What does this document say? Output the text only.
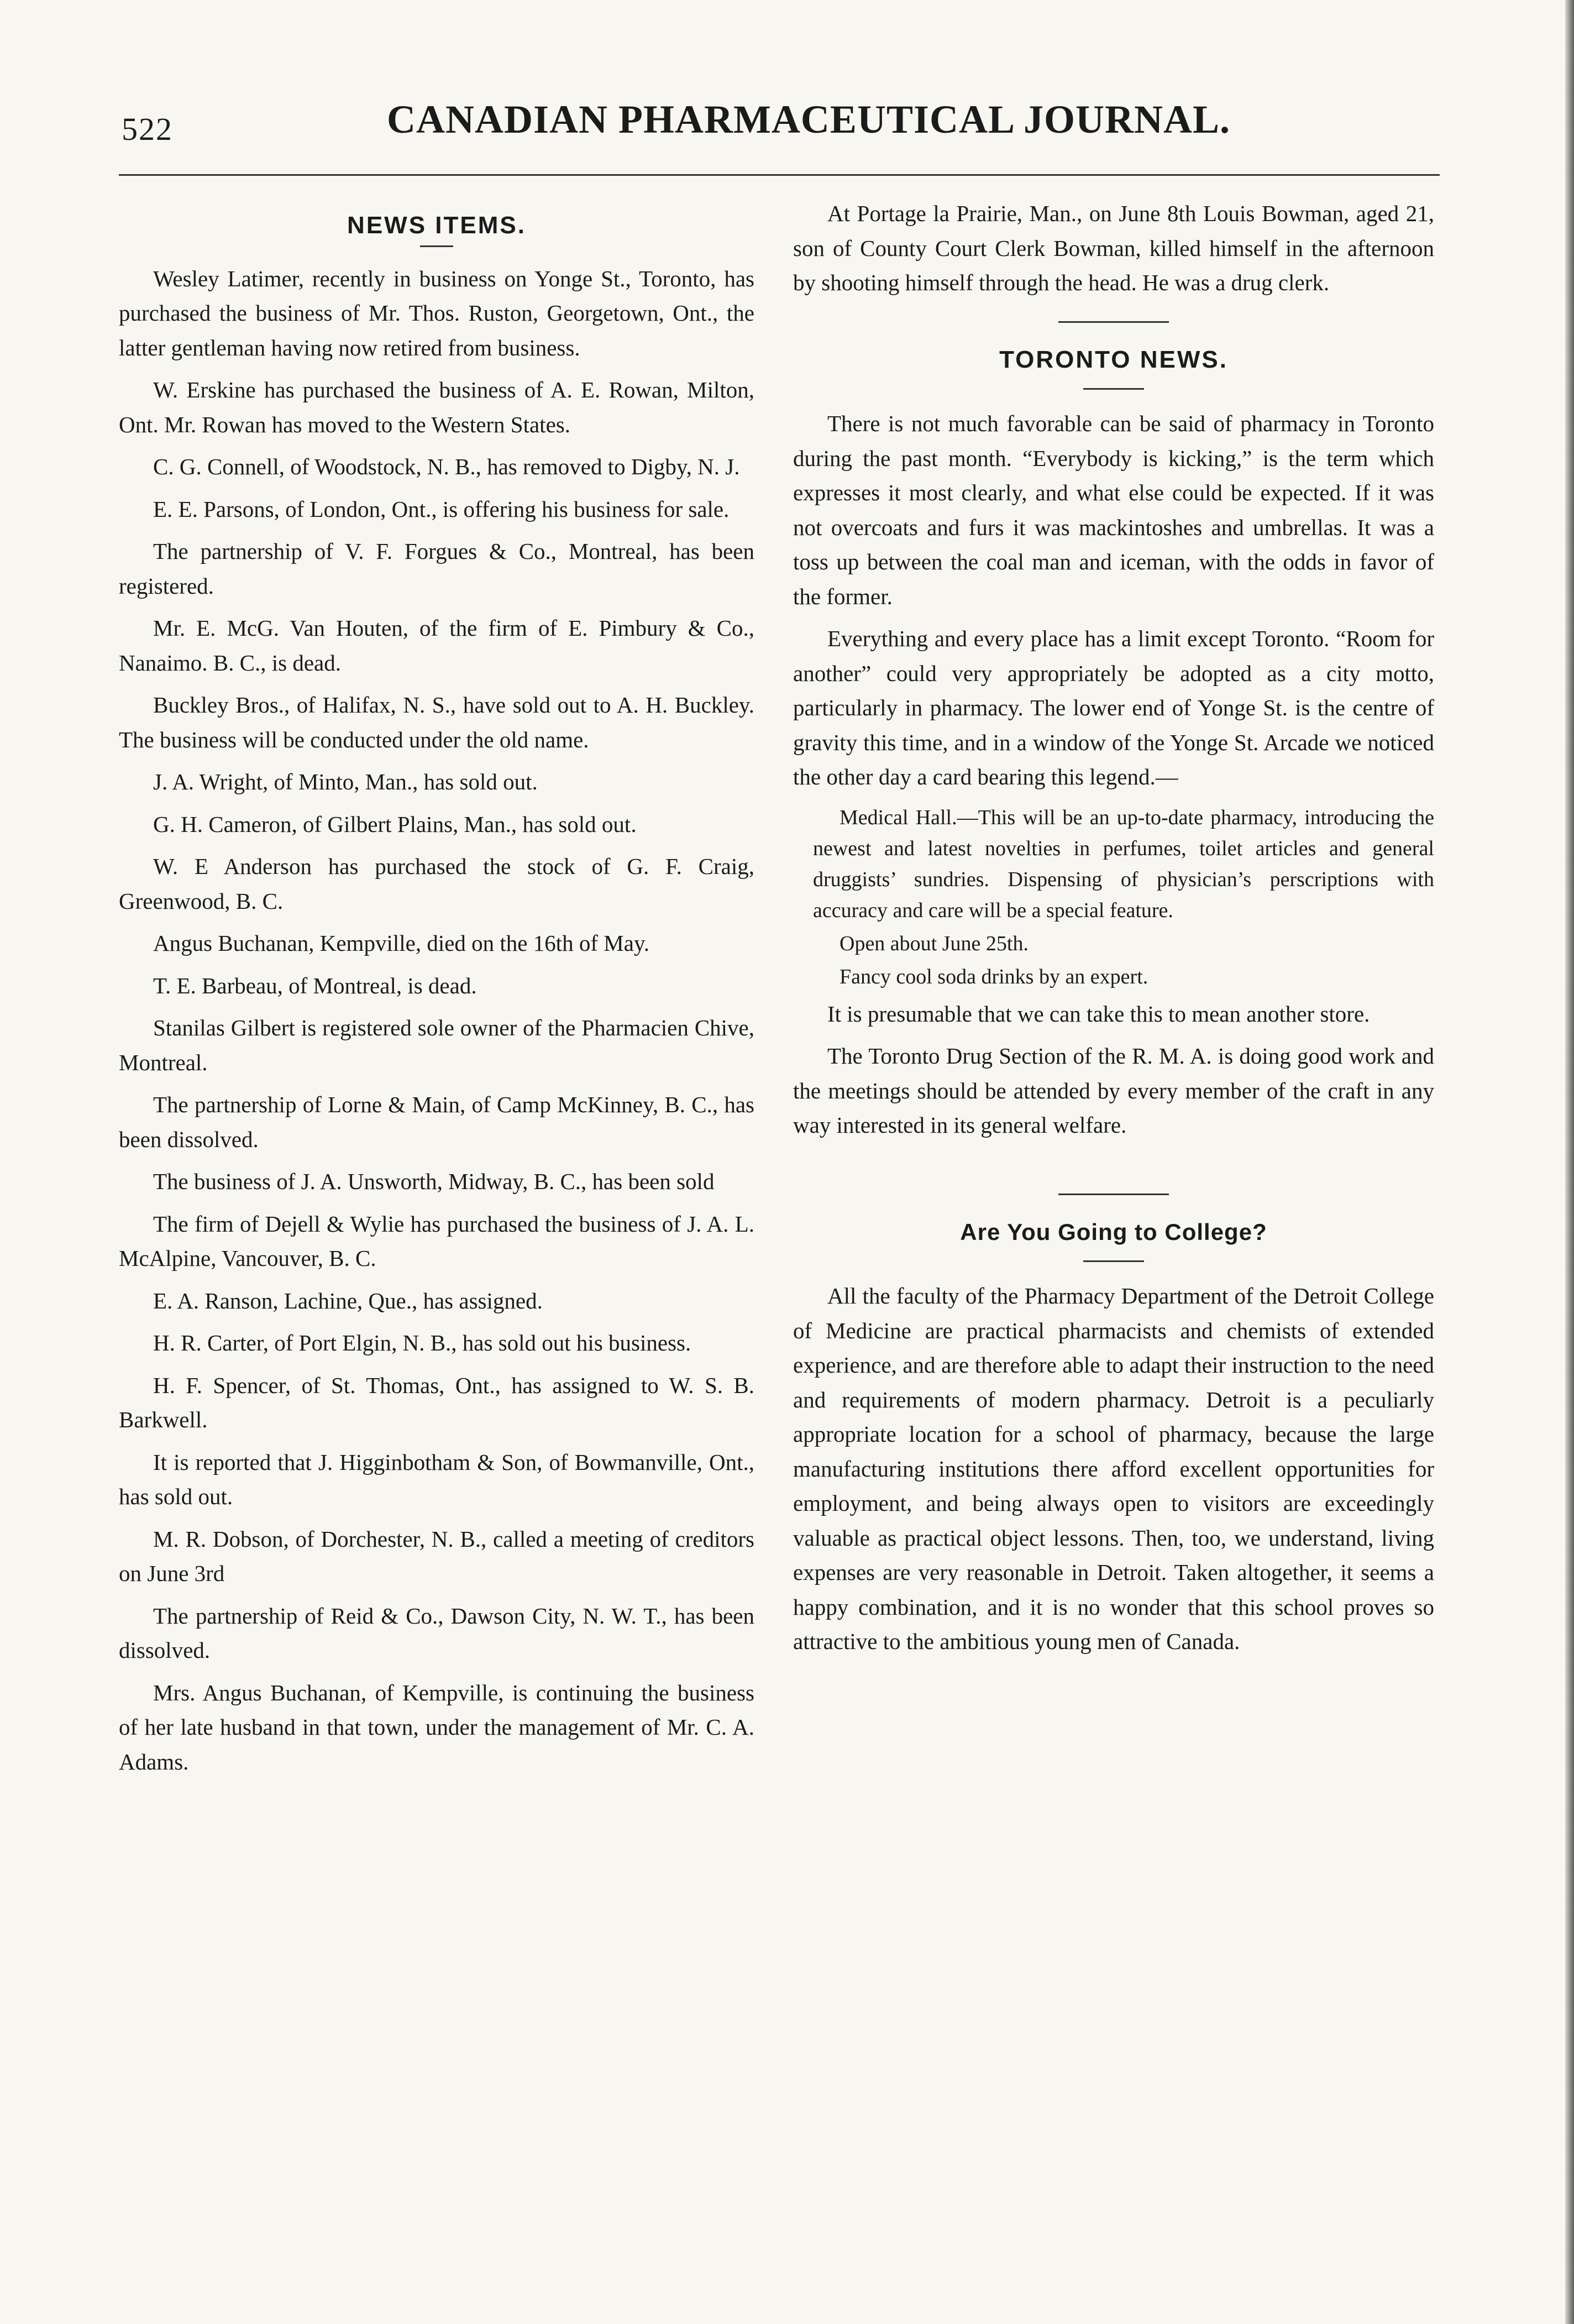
522	CANADIAN PHARMACEUTICAL JOURNAL.
NEWS ITEMS.

Wesley Latimer, recently in business on Yonge St., Toronto, has purchased the business of Mr. Thos. Ruston, Georgetown, Ont., the latter gentleman having now retired from business.

W. Erskine has purchased the business of A. E. Rowan, Milton, Ont. Mr. Rowan has moved to the Western States.

C. G. Connell, of Woodstock, N. B., has removed to Digby, N. J.

E. E. Parsons, of London, Ont., is offering his business for sale.

The partnership of V. F. Forgues & Co., Montreal, has been registered.

Mr. E. McG. Van Houten, of the firm of E. Pimbury & Co., Nanaimo. B. C., is dead.

Buckley Bros., of Halifax, N. S., have sold out to A. H. Buckley. The business will be conducted under the old name.

J. A. Wright, of Minto, Man., has sold out.

G. H. Cameron, of Gilbert Plains, Man., has sold out.

W. E Anderson has purchased the stock of G. F. Craig, Greenwood, B. C.

Angus Buchanan, Kempville, died on the 16th of May.

T. E. Barbeau, of Montreal, is dead.

Stanilas Gilbert is registered sole owner of the Pharmacien Chive, Montreal.

The partnership of Lorne & Main, of Camp McKinney, B. C., has been dissolved.

The business of J. A. Unsworth, Midway, B. C., has been sold

The firm of Dejell & Wylie has purchased the business of J. A. L. McAlpine, Vancouver, B. C.

E. A. Ranson, Lachine, Que., has assigned.

H. R. Carter, of Port Elgin, N. B., has sold out his business.

H. F. Spencer, of St. Thomas, Ont., has assigned to W. S. B. Barkwell.

It is reported that J. Higginbotham & Son, of Bowmanville, Ont., has sold out.

M. R. Dobson, of Dorchester, N. B., called a meeting of creditors on June 3rd

The partnership of Reid & Co., Dawson City, N. W. T., has been dissolved.

Mrs. Angus Buchanan, of Kempville, is continuing the business of her late husband in that town, under the management of Mr. C. A. Adams.

At Portage la Prairie, Man., on June 8th Louis Bowman, aged 21, son of County Court Clerk Bowman, killed himself in the afternoon by shooting himself through the head. He was a drug clerk.

TORONTO NEWS.

There is not much favorable can be said of pharmacy in Toronto during the past month. “Everybody is kicking,” is the term which expresses it most clearly, and what else could be expected. If it was not overcoats and furs it was mackintoshes and umbrellas. It was a toss up between the coal man and iceman, with the odds in favor of the former.

Everything and every place has a limit except Toronto. “Room for another” could very appropriately be adopted as a city motto, particularly in pharmacy. The lower end of Yonge St. is the centre of gravity this time, and in a window of the Yonge St. Arcade we noticed the other day a card bearing this legend.—

Medical Hall.—This will be an up-to-date pharmacy, introducing the newest and latest novelties in perfumes, toilet articles and general druggists’ sundries. Dispensing of physician’s perscriptions with accuracy and care will be a special feature.

Open about June 25th.

Fancy cool soda drinks by an expert.

It is presumable that we can take this to mean another store.

The Toronto Drug Section of the R. M. A. is doing good work and the meetings should be attended by every member of the craft in any way interested in its general welfare.

Are You Going to College?

All the faculty of the Pharmacy Department of the Detroit College of Medicine are practical pharmacists and chemists of extended experience, and are therefore able to adapt their instruction to the need and requirements of modern pharmacy. Detroit is a peculiarly appropriate location for a school of pharmacy, because the large manufacturing institutions there afford excellent opportunities for employment, and being always open to visitors are exceedingly valuable as practical object lessons. Then, too, we understand, living expenses are very reasonable in Detroit. Taken altogether, it seems a happy combination, and it is no wonder that this school proves so attractive to the ambitious young men of Canada.
